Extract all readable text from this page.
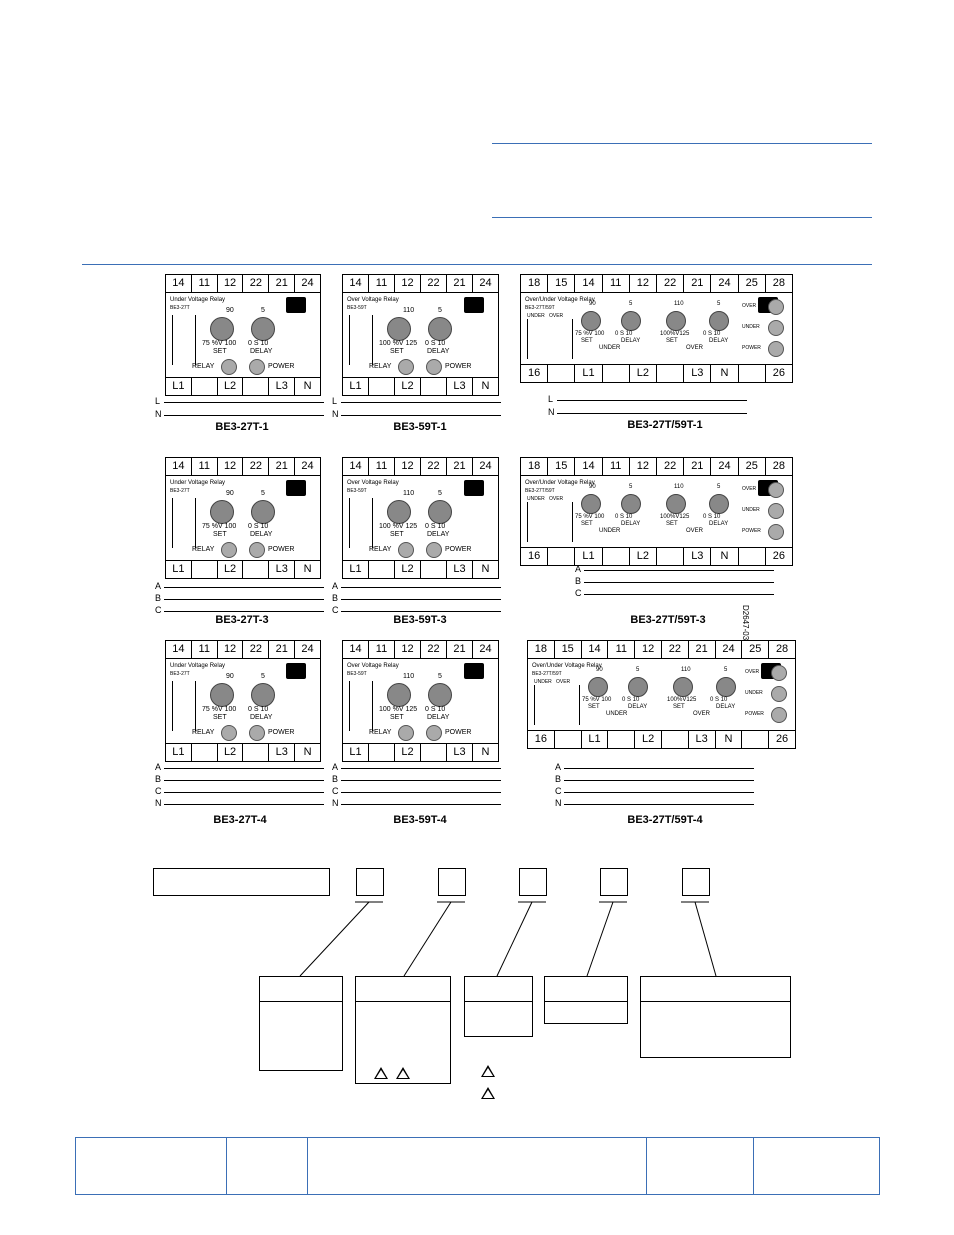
14	11	12	22	21	24
L1	L2	L3	N
Under Voltage Relay
BE3-27T	90
75 %V 100
SET
5
0 S 10
DELAY
RELAY	POWER
L
N
BE3-27T-1
14	11	12	22	21	24
L1	L2	L3	N
Over Voltage Relay
BE3-59T	110
100 %V 125
SET
5
0 S 10
DELAY
RELAY	POWER
L
N
BE3-59T-1
18	15	14	11	12	22	21	24	25	28
16	L1	L2	L3	N	26
Over/Under Voltage Relay
BE3-27T/59T
UNDER OVER
90
75 %V 100
SET
5
0 S 10
DELAY
110
100%V125
SET
5
0 S 10
DELAY
UNDER	OVER
OVER
UNDER
POWER
L
N
BE3-27T/59T-1
14	11	12	22	21	24
L1	L2	L3	N
Under Voltage Relay
BE3-27T	90
75 %V 100
SET
5
0 S 10
DELAY
RELAY	POWER
A
B
C
BE3-27T-3
14	11	12	22	21	24
L1	L2	L3	N
Over Voltage Relay
BE3-59T	110
100 %V 125
SET
5
0 S 10
DELAY
RELAY	POWER
A
B
C
BE3-59T-3
18	15	14	11	12	22	21	24	25	28
16	L1	L2	L3	N	26
Over/Under Voltage Relay
BE3-27T/59T
UNDER OVER
90
75 %V 100
SET
5
0 S 10
DELAY
110
100%V125
SET
5
0 S 10
DELAY
UNDER	OVER
OVER
UNDER
POWER
A
B
C
BE3-27T/59T-3
14	11	12	22	21	24
L1	L2	L3	N
Under Voltage Relay
BE3-27T	90
75 %V 100
SET
5
0 S 10
DELAY
RELAY	POWER
A
B
C
N
BE3-27T-4
14	11	12	22	21	24
L1	L2	L3	N
Over Voltage Relay
BE3-59T	110
100 %V 125
SET
5
0 S 10
DELAY
RELAY	POWER
A
B
C
N
BE3-59T-4
18	15	14	11	12	22	21	24	25	28
16	L1	L2	L3	N	26
Over/Under Voltage Relay
BE3-27T/59T
UNDER OVER
90
75 %V 100
SET
5
0 S 10
DELAY
110
100%V125
SET
5
0 S 10
DELAY
UNDER	OVER
OVER
UNDER
POWER
A
B
C
N
BE3-27T/59T-4
D2647-03
